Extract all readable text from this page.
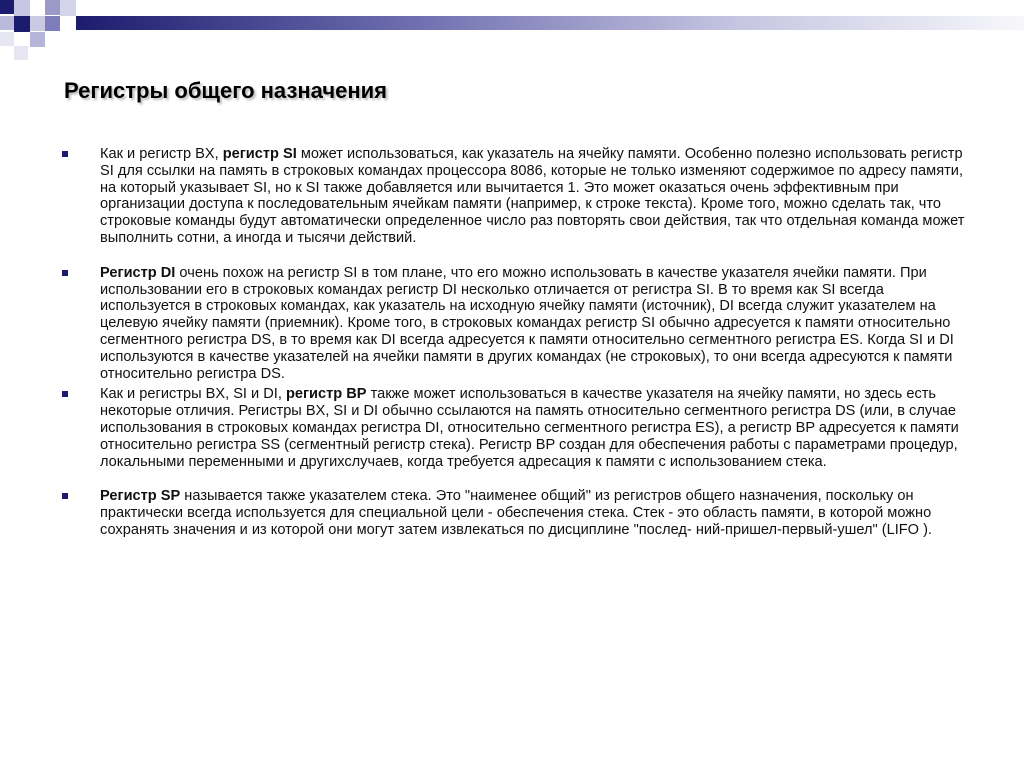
Регистры общего назначения
Как и регистр BX, регистр SI может использоваться, как указатель на ячейку памяти. Особенно полезно использовать регистр SI для ссылки на память в строковых командах процессора 8086, которые не только изменяют содержимое по адресу памяти, на который указывает SI, но к SI также добавляется или вычитается 1. Это может оказаться очень эффективным при организации доступа к последовательным ячейкам памяти (например, к строке текста). Кроме того, можно сделать так, что строковые команды будут автоматически определенное число раз повторять свои действия, так что отдельная команда может выполнить сотни, а иногда и тысячи действий.
Регистр DI очень похож на регистр SI в том плане, что его можно использовать в качестве указателя ячейки памяти. При использовании его в строковых командах регистр DI несколько отличается от регистра SI. В то время как SI всегда используется в строковых командах, как указатель на исходную ячейку памяти (источник), DI всегда служит указателем на целевую ячейку памяти (приемник). Кроме того, в строковых командах регистр SI обычно адресуется к памяти относительно сегментного регистра DS, в то время как DI всегда адресуется к памяти относительно сегментного регистра ES. Когда SI и DI используются в качестве указателей на ячейки памяти в других командах (не строковых), то они всегда адресуются к памяти относительно регистра DS.
Как и регистры BX, SI и DI, регистр BP также может использоваться в качестве указателя на ячейку памяти, но здесь есть некоторые отличия. Регистры BX, SI и DI обычно ссылаются на память относительно сегментного регистра DS (или, в случае использования в строковых командах регистра DI, относительно сегментного регистра ES), а регистр BP адресуется к памяти относительно регистра SS (сегментный регистр стека). Регистр BP создан для обеспечения работы с параметрами процедур, локальными переменными и другихслучаев, когда требуется адресация к памяти с использованием стека.
Регистр SP называется также указателем стека. Это "наименее общий" из регистров общего назначения, поскольку он практически всегда используется для специальной цели - обеспечения стека. Стек - это область памяти, в которой можно сохранять значения и из которой они могут затем извлекаться по дисциплине "послед- ний-пришел-первый-ушел" (LIFO ).
